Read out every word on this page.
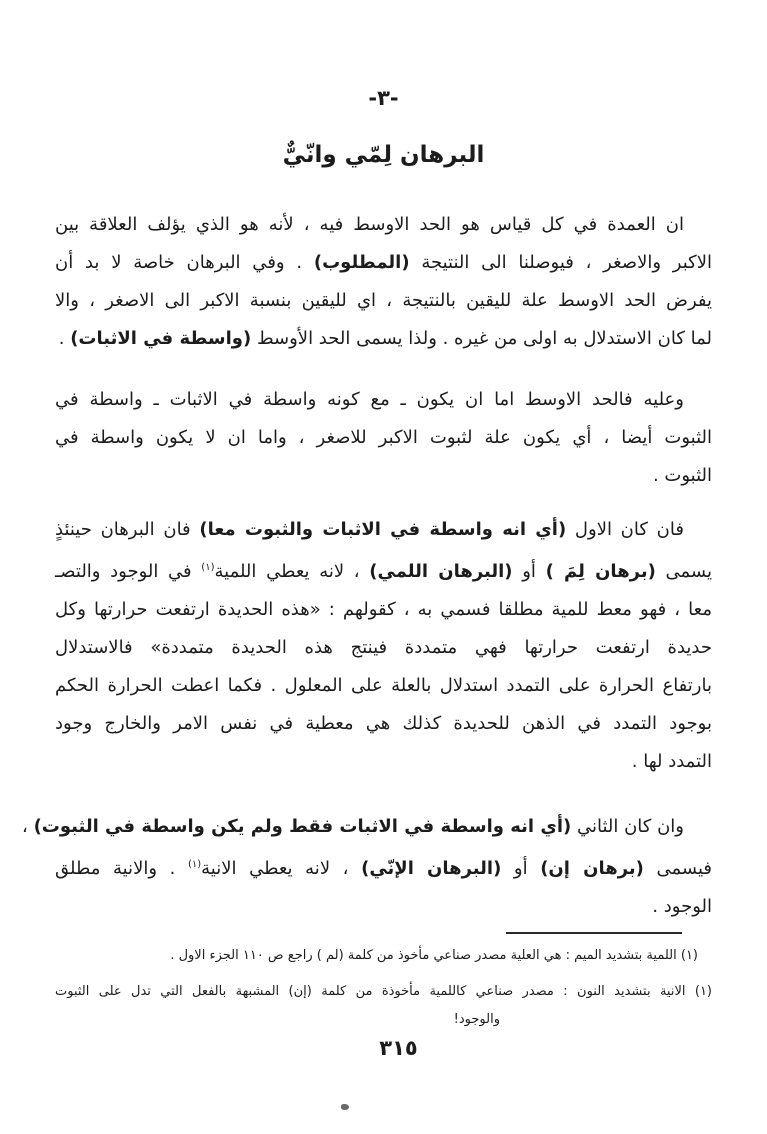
-٣-
البرهان لِمّي وانّيٌّ
ان العمدة في كل قياس هو الحد الاوسط فيه ، لأنه هو الذي يؤلف العلاقة بين
الاكبر والاصغر ، فيوصلنا الى النتيجة (المطلوب) . وفي البرهان خاصة لا بد أن
يفرض الحد الاوسط علة لليقين بالنتيجة ، اي لليقين بنسبة الاكبر الى الاصغر ، والا
لما كان الاستدلال به اولى من غيره . ولذا يسمى الحد الأوسط (واسطة في الاثبات) .
وعليه فالحد الاوسط اما ان يكون ـ مع كونه واسطة في الاثبات ـ واسطة في
الثبوت أيضا ، أي يكون علة لثبوت الاكبر للاصغر ، واما ان لا يكون واسطة في
الثبوت .
فان كان الاول (أي انه واسطة في الاثبات والثبوت معا) فان البرهان حينئذٍ
يسمى (برهان لِمَ ) أو (البرهان اللمي) ، لانه يعطي اللمية$^{(١)}$ في الوجود والتصـ
معا ، فهو معط للمية مطلقا فسمي به ، كقولهم : «هذه الحديدة ارتفعت حرارتها وكل
حديدة ارتفعت حرارتها فهي متمددة فينتج هذه الحديدة متمددة» فالاستدلال
بارتفاع الحرارة على التمدد استدلال بالعلة على المعلول . فكما اعطت الحرارة الحكم
بوجود التمدد في الذهن للحديدة كذلك هي معطية في نفس الامر والخارج وجود
التمدد لها .
وان كان الثاني (أي انه واسطة في الاثبات فقط ولم يكن واسطة في الثبوت) ،
فيسمى (برهان إن) أو (البرهان الإنّي) ، لانه يعطي الانية$^{(١)}$ . والانية مطلق
الوجود .
(١) اللمية بتشديد الميم : هي العلية مصدر صناعي مأخوذ من كلمة (لم ) راجع ص ١١٠ الجزء الاول .
(١) الانية بتشديد النون : مصدر صناعي كاللمية مأخوذة من كلمة (إن) المشبهة بالفعل التي تدل على الثبوت
والوجود!
٣١٥
